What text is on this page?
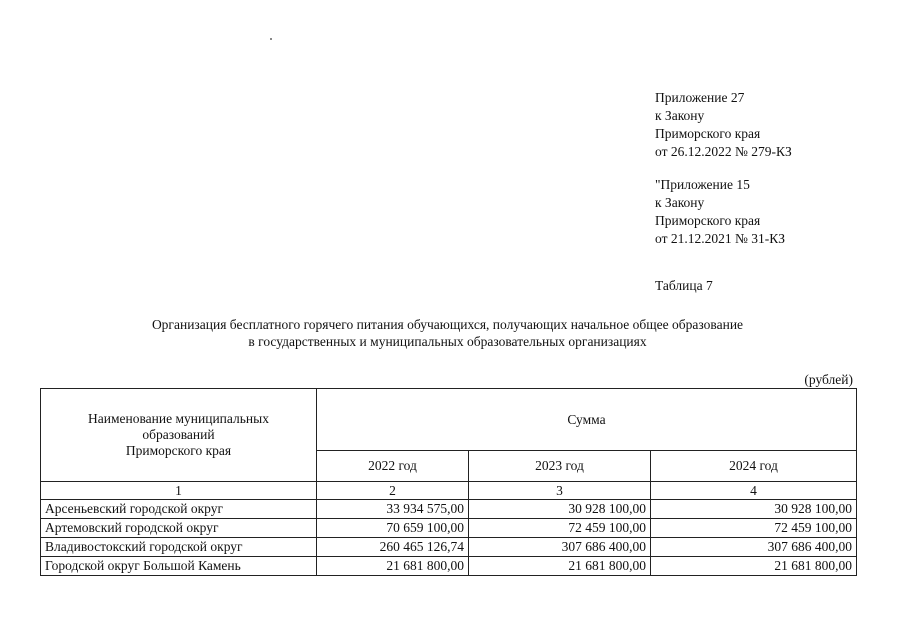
Приложение 27
к Закону
Приморского края
от 26.12.2022 № 279-КЗ
"Приложение 15
к Закону
Приморского края
от 21.12.2021 № 31-КЗ
Таблица 7
Организация бесплатного горячего питания обучающихся, получающих начальное общее образование
в государственных и муниципальных образовательных организациях
(рублей)
Наименование муниципальных
образований
Приморского края	Сумма		
	2022 год	2023 год	2024 год
1	2	3	4
Арсеньевский городской округ	33 934 575,00	30 928 100,00	30 928 100,00
Артемовский городской округ	70 659 100,00	72 459 100,00	72 459 100,00
Владивостокский городской округ	260 465 126,74	307 686 400,00	307 686 400,00
Городской округ Большой Камень	21 681 800,00	21 681 800,00	21 681 800,00
